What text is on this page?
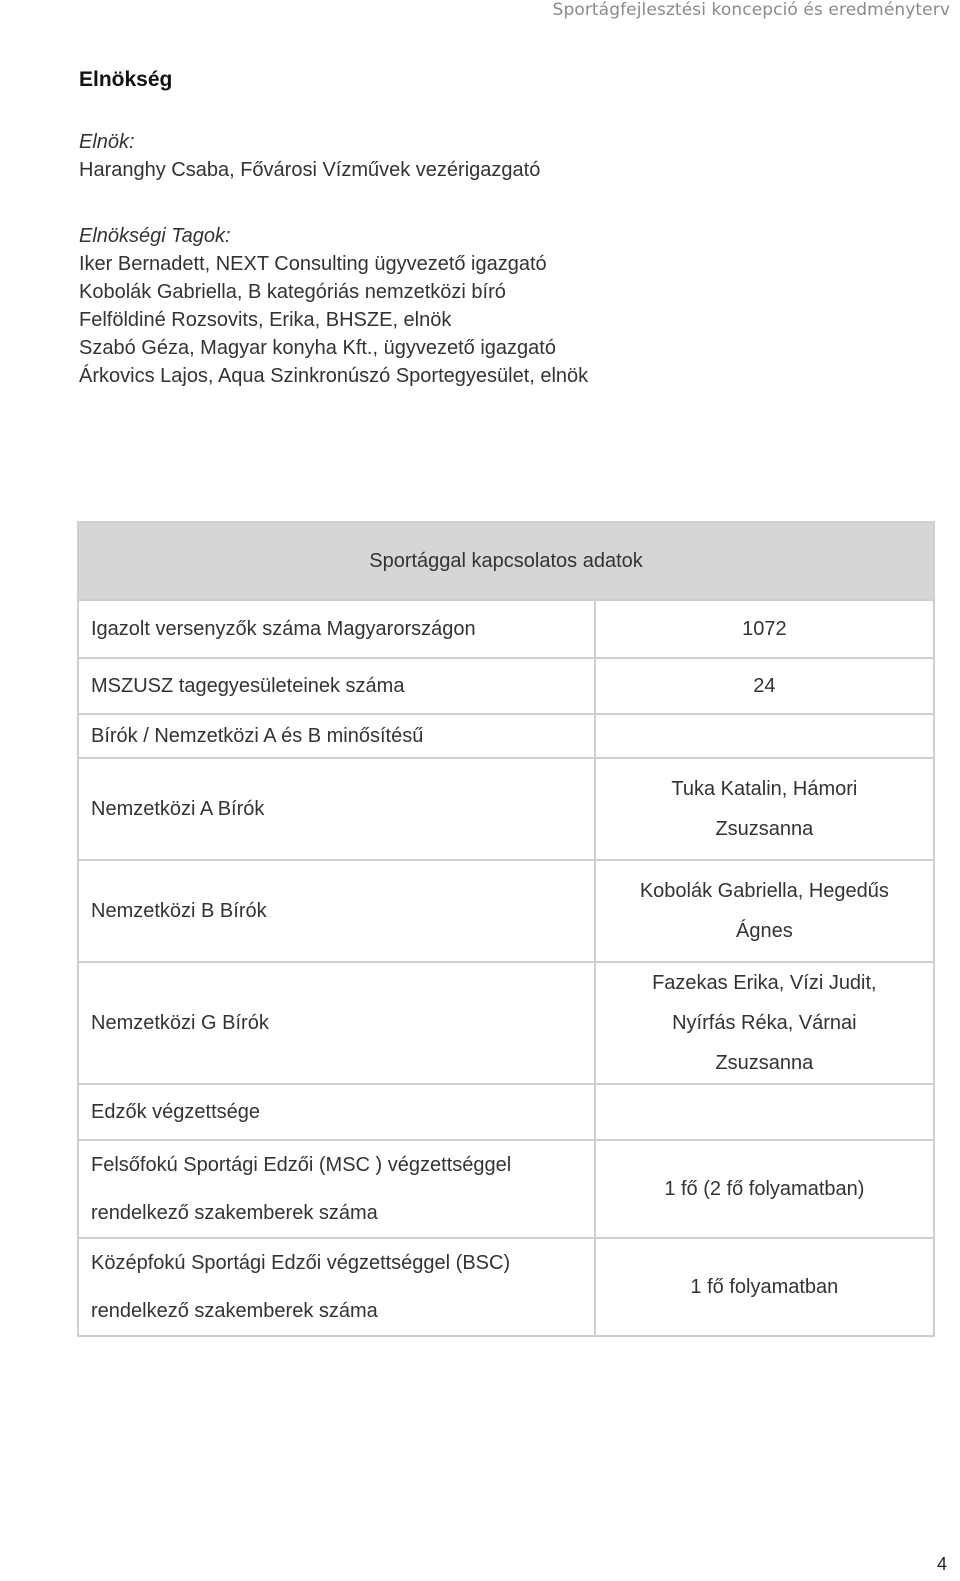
Sportágfejlesztési koncepció és eredményterv
Elnökség
Elnök:
Haranghy Csaba, Fővárosi Vízművek vezérigazgató
Elnökségi Tagok:
Iker Bernadett, NEXT Consulting ügyvezető igazgató
Kobolák Gabriella, B kategóriás nemzetközi bíró
Felföldiné Rozsovits, Erika, BHSZE, elnök
Szabó Géza, Magyar konyha Kft., ügyvezető igazgató
Árkovics Lajos, Aqua Szinkronúszó Sportegyesület, elnök
Sportággal kapcsolatos adatok	
Igazolt versenyzők száma Magyarországon	1072
MSZUSZ tagegyesületeinek száma	24
Bírók / Nemzetközi A és B minősítésű	
Nemzetközi A Bírók	Tuka Katalin, Hámori
Zsuzsanna

Nemzetközi B Bírók	Kobolák Gabriella, Hegedűs
Ágnes

Nemzetközi G Bírók	Fazekas Erika, Vízi Judit,
Nyírfás Réka, Várnai
Zsuzsanna

Edzők végzettsége	

Felsőfokú Sportági Edzői (MSC ) végzettséggel
rendelkező szakemberek száma	1 fő (2 fő folyamatban)

Középfokú Sportági Edzői végzettséggel (BSC)
rendelkező szakemberek száma	1 fő folyamatban
4
